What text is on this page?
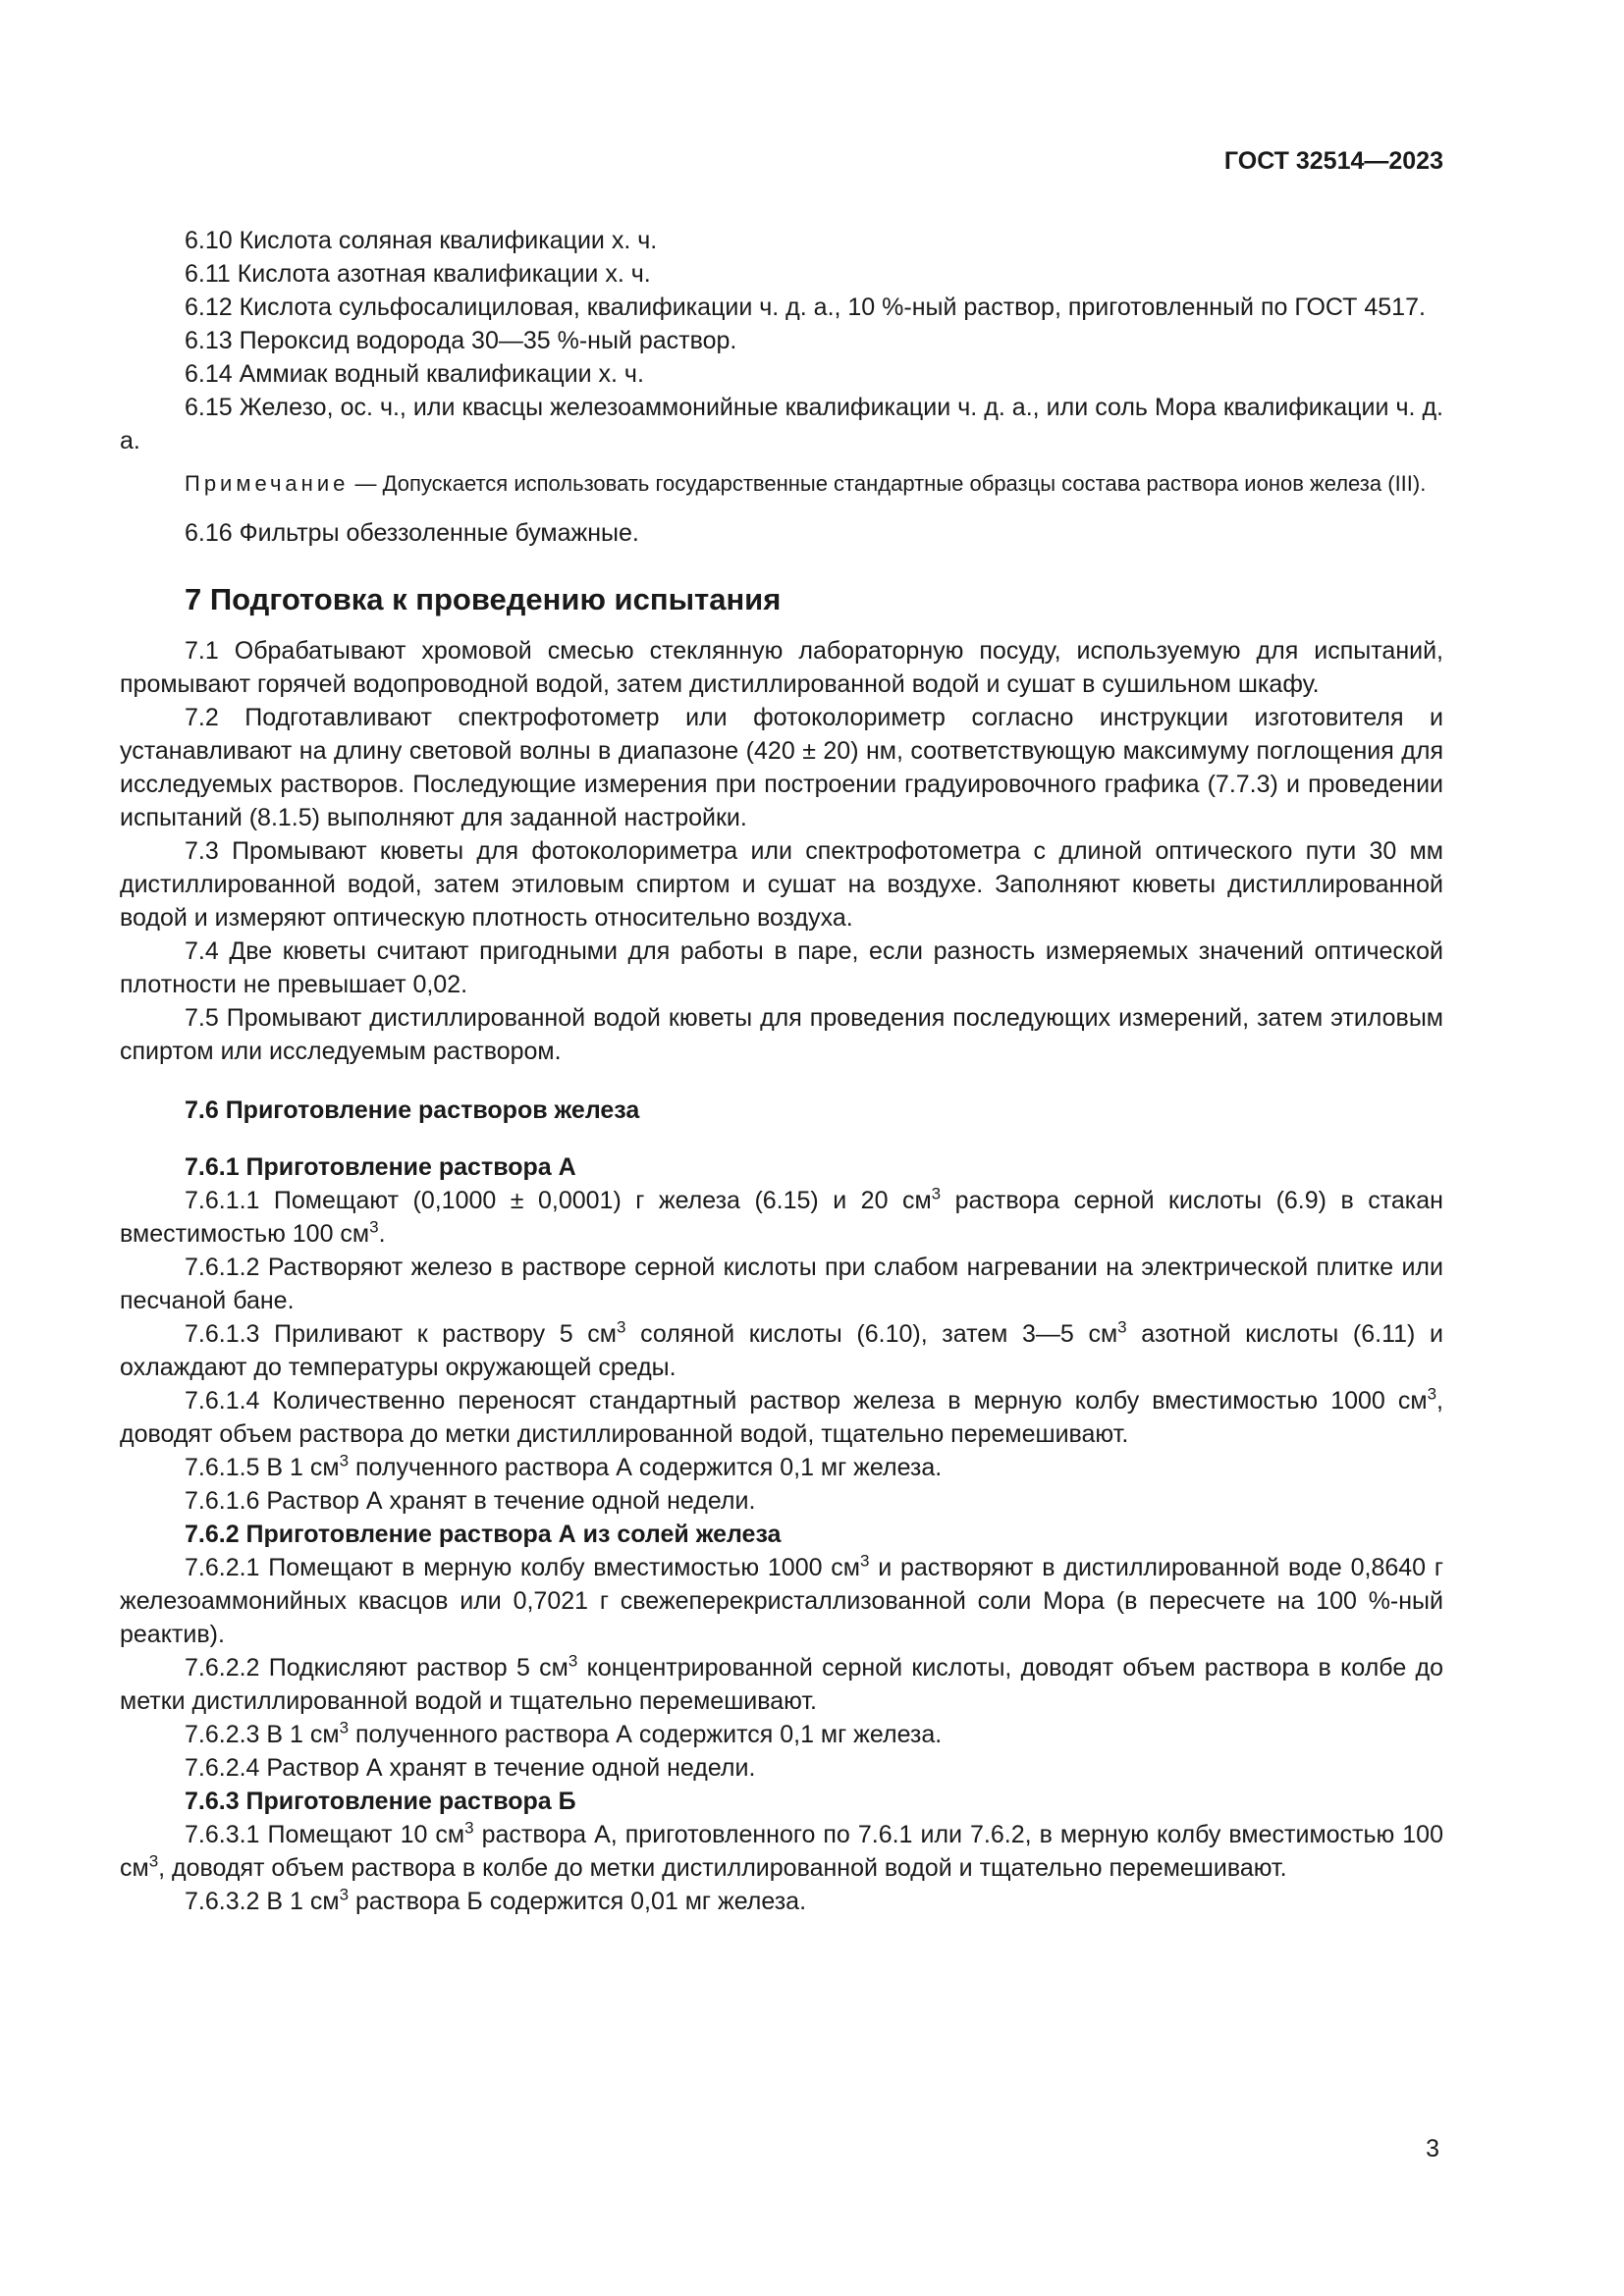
ГОСТ 32514—2023

6.10 Кислота соляная квалификации х. ч.

6.11 Кислота азотная квалификации х. ч.

6.12 Кислота сульфосалициловая, квалификации ч. д. а., 10 %-ный раствор, приготовленный по ГОСТ 4517.

6.13 Пероксид водорода 30—35 %-ный раствор.

6.14 Аммиак водный квалификации х. ч.

6.15 Железо, ос. ч., или квасцы железоаммонийные квалификации ч. д. а., или соль Мора квалификации ч. д. а.

Примечание — Допускается использовать государственные стандартные образцы состава раствора ионов железа (III).

6.16 Фильтры обеззоленные бумажные.

7 Подготовка к проведению испытания

7.1 Обрабатывают хромовой смесью стеклянную лабораторную посуду, используемую для испытаний, промывают горячей водопроводной водой, затем дистиллированной водой и сушат в сушильном шкафу.

7.2 Подготавливают спектрофотометр или фотоколориметр согласно инструкции изготовителя и устанавливают на длину световой волны в диапазоне (420 ± 20) нм, соответствующую максимуму поглощения для исследуемых растворов. Последующие измерения при построении градуировочного графика (7.7.3) и проведении испытаний (8.1.5) выполняют для заданной настройки.

7.3 Промывают кюветы для фотоколориметра или спектрофотометра с длиной оптического пути 30 мм дистиллированной водой, затем этиловым спиртом и сушат на воздухе. Заполняют кюветы дистиллированной водой и измеряют оптическую плотность относительно воздуха.

7.4 Две кюветы считают пригодными для работы в паре, если разность измеряемых значений оптической плотности не превышает 0,02.

7.5 Промывают дистиллированной водой кюветы для проведения последующих измерений, затем этиловым спиртом или исследуемым раствором.

7.6 Приготовление растворов железа
7.6.1 Приготовление раствора А

7.6.1.1 Помещают (0,1000 ± 0,0001) г железа (6.15) и 20 $см^3$ раствора серной кислоты (6.9) в стакан вместимостью 100 $см^3$.

7.6.1.2 Растворяют железо в растворе серной кислоты при слабом нагревании на электрической плитке или песчаной бане.

7.6.1.3 Приливают к раствору 5 $см^3$ соляной кислоты (6.10), затем 3—5 $см^3$ азотной кислоты (6.11) и охлаждают до температуры окружающей среды.

7.6.1.4 Количественно переносят стандартный раствор железа в мерную колбу вместимостью 1000 $см^3$, доводят объем раствора до метки дистиллированной водой, тщательно перемешивают.

7.6.1.5 В 1 $см^3$ полученного раствора А содержится 0,1 мг железа.

7.6.1.6 Раствор А хранят в течение одной недели.

7.6.2 Приготовление раствора А из солей железа

7.6.2.1 Помещают в мерную колбу вместимостью 1000 $см^3$ и растворяют в дистиллированной воде 0,8640 г железоаммонийных квасцов или 0,7021 г свежеперекристаллизованной соли Мора (в пересчете на 100 %-ный реактив).

7.6.2.2 Подкисляют раствор 5 $см^3$ концентрированной серной кислоты, доводят объем раствора в колбе до метки дистиллированной водой и тщательно перемешивают.

7.6.2.3 В 1 $см^3$ полученного раствора А содержится 0,1 мг железа.

7.6.2.4 Раствор А хранят в течение одной недели.

7.6.3 Приготовление раствора Б

7.6.3.1 Помещают 10 $см^3$ раствора А, приготовленного по 7.6.1 или 7.6.2, в мерную колбу вместимостью 100 $см^3$, доводят объем раствора в колбе до метки дистиллированной водой и тщательно перемешивают.

7.6.3.2 В 1 $см^3$ раствора Б содержится 0,01 мг железа.

3
